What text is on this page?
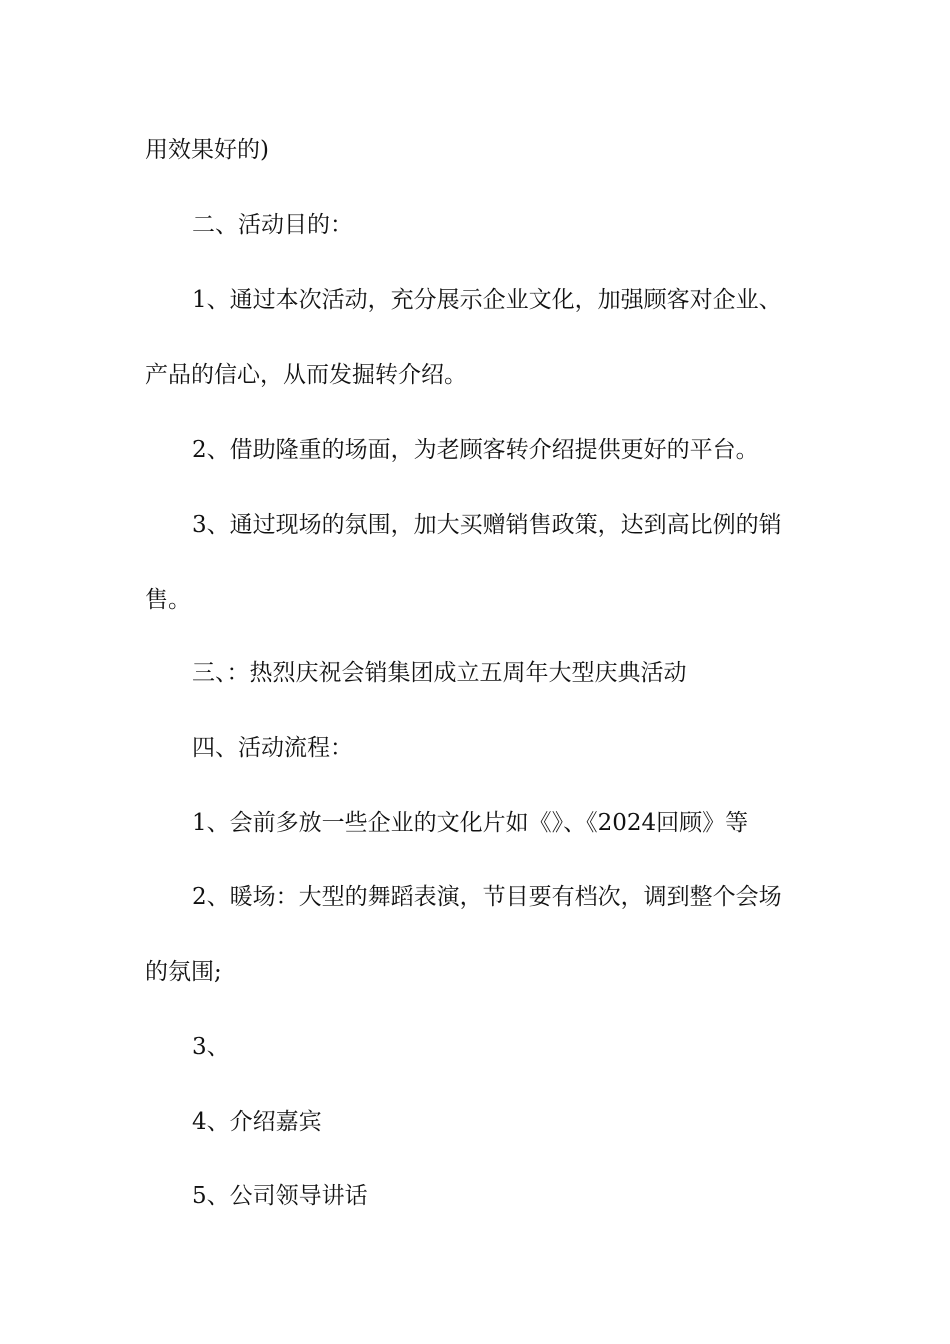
用效果好的)
二、活动目的：
1、通过本次活动，充分展示企业文化，加强顾客对企业、
产品的信心，从而发掘转介绍。
2、借助隆重的场面，为老顾客转介绍提供更好的平台。
3、通过现场的氛围，加大买赠销售政策，达到高比例的销
售。
三、：热烈庆祝会销集团成立五周年大型庆典活动
四、活动流程：
1、会前多放一些企业的文化片如《》、《2024回顾》等
2、暖场：大型的舞蹈表演，节目要有档次，调到整个会场
的氛围;
3、
4、介绍嘉宾
5、公司领导讲话
